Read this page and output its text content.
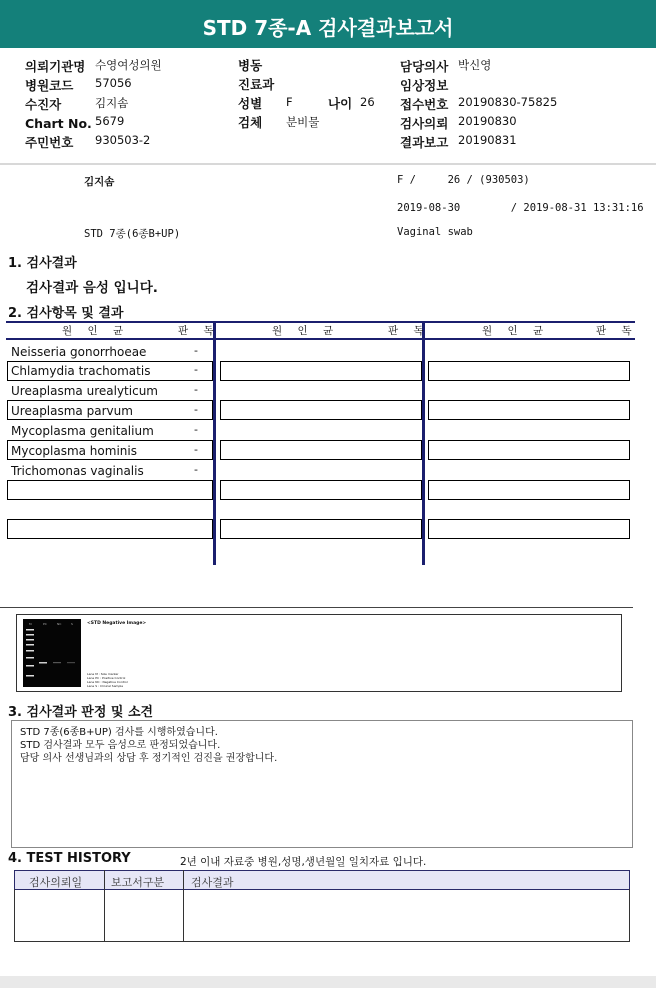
STD 7종-A 검사결과보고서
의뢰기관명 수영여성의원
병원코드 57056
수진자	김지솜
Chart No. 5679
주민번호 930503-2
병동
진료과
성별 F	나이 26
검체 분비물
담당의사 박신영
임상정보
접수번호 20190830-75825
검사의뢰 20190830
결과보고 20190831
김지솜	F /     26 / (930503)
2019-08-30        / 2019-08-31 13:31:16
STD 7종(6종B+UP)	Vaginal swab
1. 검사결과
검사결과 음성 입니다.
2. 검사항목 및 결과
원 인 균	판 독	원 인 균	판 독	원 인 균	판 독
Neisseria gonorrhoeae	-
Chlamydia trachomatis	-
Ureaplasma urealyticum	-
Ureaplasma parvum	-
Mycoplasma genitalium	-
Mycoplasma hominis	-
Trichomonas vaginalis	-
M	PC	NC	S	<STD Negative Image>
Lane M : Size marker
Lane PC : Positive Control
Lane NC : Negative Control
Lane S : Clinical Sample
3. 검사결과 판정 및 소견
STD 7종(6종B+UP) 검사를 시행하였습니다.
STD 검사결과 모두 음성으로 판정되었습니다.
담당 의사 선생님과의 상담 후 정기적인 검진을 권장합니다.
4. TEST HISTORY	2년 이내 자료중 병원,성명,생년월일 일치자료 입니다.
검사의뢰일	보고서구분 검사결과
